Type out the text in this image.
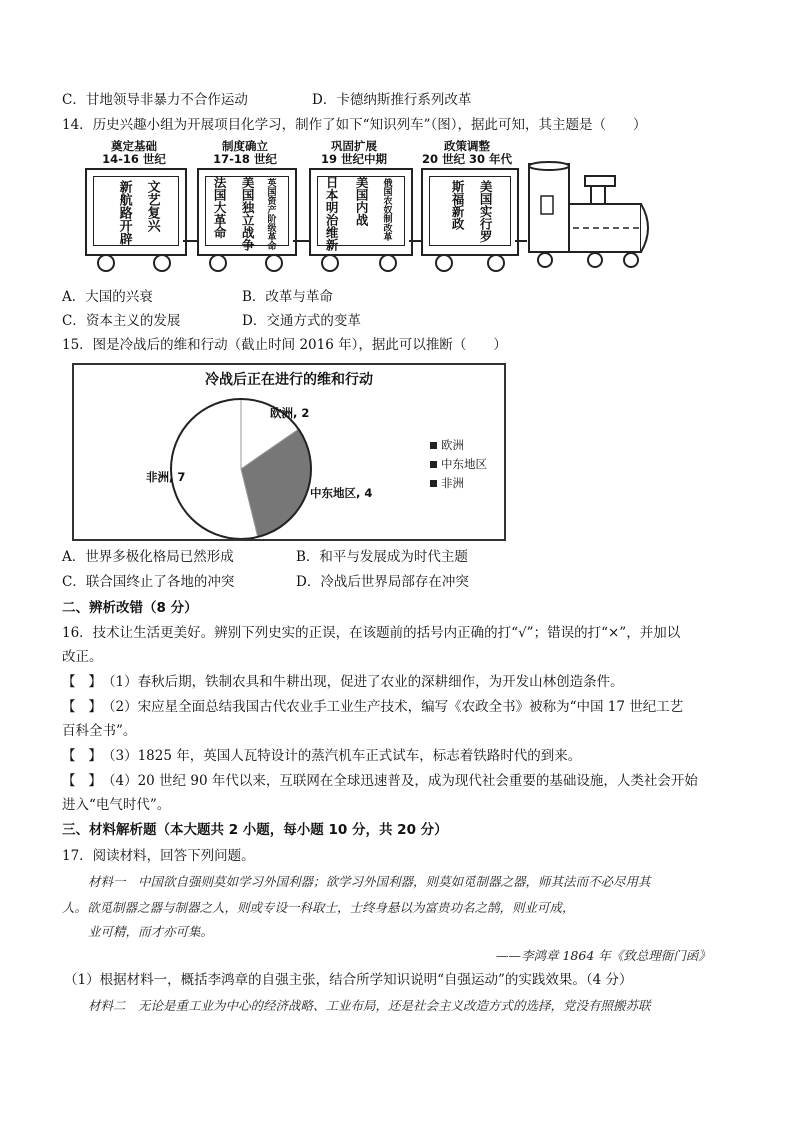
C．甘地领导非暴力不合作运动	D．卡德纳斯推行系列改革
14．历史兴趣小组为开展项目化学习，制作了如下“知识列车”（图），据此可知，其主题是（　　）
奠定基础
14-16 世纪
文艺复兴
新航路开辟
制度确立
17-18 世纪
英国资产阶级革命
美国独立战争
法国大革命
巩固扩展
19 世纪中期
俄国农奴制改革
美国内战
日本明治维新
政策调整
20 世纪 30 年代
斯福新政 美国实行罗
A．大国的兴衰	B．改革与革命
C．资本主义的发展	D．交通方式的变革
15．图是冷战后的维和行动（截止时间 2016 年），据此可以推断（　　）
冷战后正在进行的维和行动
欧洲, 2
中东地区, 4
非洲, 7
欧洲
中东地区
非洲
A．世界多极化格局已然形成	B．和平与发展成为时代主题
C．联合国终止了各地的冲突	D．冷战后世界局部存在冲突
二、辨析改错（8 分）
16．技术让生活更美好。辨别下列史实的正误，在该题前的括号内正确的打“√”；错误的打“×”，并加以
改正。
【 】（1）春秋后期，铁制农具和牛耕出现，促进了农业的深耕细作，为开发山林创造条件。
【 】（2）宋应星全面总结我国古代农业手工业生产技术，编写《农政全书》被称为“中国 17 世纪工艺
百科全书”。
【 】（3）1825 年，英国人瓦特设计的蒸汽机车正式试车，标志着铁路时代的到来。
【 】（4）20 世纪 90 年代以来，互联网在全球迅速普及，成为现代社会重要的基础设施，人类社会开始
进入“电气时代”。
三、材料解析题（本大题共 2 小题，每小题 10 分，共 20 分）
17．阅读材料，回答下列问题。
材料一　中国欲自强则莫如学习外国利器；欲学习外国利器，则莫如觅制器之器，师其法而不必尽用其
人。欲觅制器之器与制器之人，则或专设一科取士，士终身悬以为富贵功名之鹄，则业可成，
业可精，而才亦可集。
——李鸿章 1864 年《致总理衙门函》
（1）根据材料一，概括李鸿章的自强主张，结合所学知识说明“自强运动”的实践效果。（4 分）
材料二　无论是重工业为中心的经济战略、工业布局，还是社会主义改造方式的选择，党没有照搬苏联
